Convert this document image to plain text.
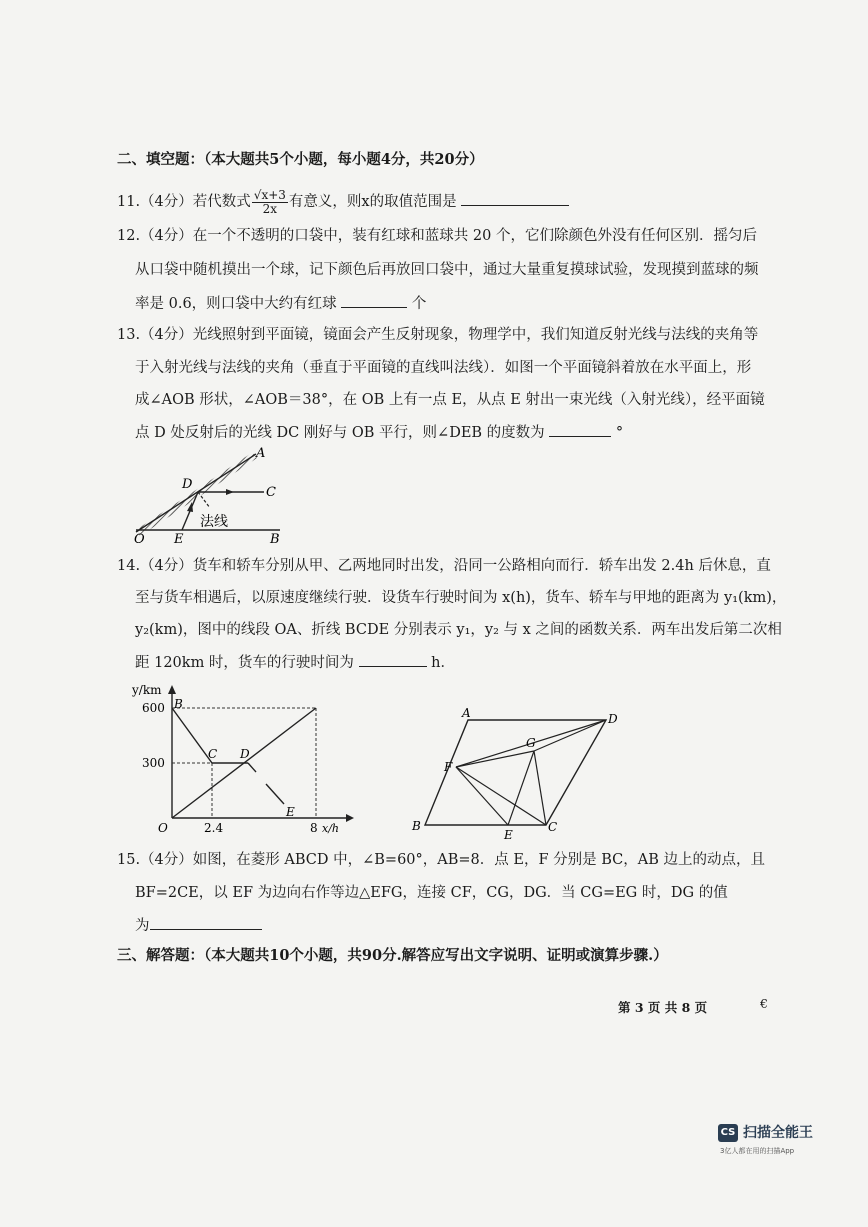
二、填空题：（本大题共5个小题，每小题4分，共20分）
11.（4分）若代数式 $\frac{√x+3}{2x}$ 有意义，则x的取值范围是
12.（4分）在一个不透明的口袋中，装有红球和蓝球共 20 个，它们除颜色外没有任何区别．摇匀后
从口袋中随机摸出一个球，记下颜色后再放回口袋中，通过大量重复摸球试验，发现摸到蓝球的频
率是 0.6，则口袋中大约有红球	个
13.（4分）光线照射到平面镜，镜面会产生反射现象，物理学中，我们知道反射光线与法线的夹角等
于入射光线与法线的夹角（垂直于平面镜的直线叫法线）．如图一个平面镜斜着放在水平面上，形
成∠AOB 形状，∠AOB＝38°，在 OB 上有一点 E，从点 E 射出一束光线（入射光线），经平面镜
点 D 处反射后的光线 DC 刚好与 OB 平行，则∠DEB 的度数为	°
A
D
C
O E	B
法线
14.（4分）货车和轿车分别从甲、乙两地同时出发，沿同一公路相向而行．轿车出发 2.4h 后休息，直
至与货车相遇后，以原速度继续行驶．设货车行驶时间为 x(h)，货车、轿车与甲地的距离为 y₁(km)，
y₂(km)，图中的线段 OA、折线 BCDE 分别表示 y₁，y₂ 与 x 之间的函数关系．两车出发后第二次相
距 120km 时，货车的行驶时间为	h．
y/km
x/h
600
300
2.4	8
O
B
C D
E
A	D
G
F
B
E
C
15.（4分）如图，在菱形 ABCD 中，∠B=60°，AB=8．点 E，F 分别是 BC，AB 边上的动点，且
BF=2CE，以 EF 为边向右作等边△EFG，连接 CF，CG，DG．当 CG=EG 时，DG 的值
为
三、解答题：（本大题共10个小题，共90分.解答应写出文字说明、证明或演算步骤.）
第 3 页 共 8 页	€
CS 扫描全能王
3亿人都在用的扫描App
